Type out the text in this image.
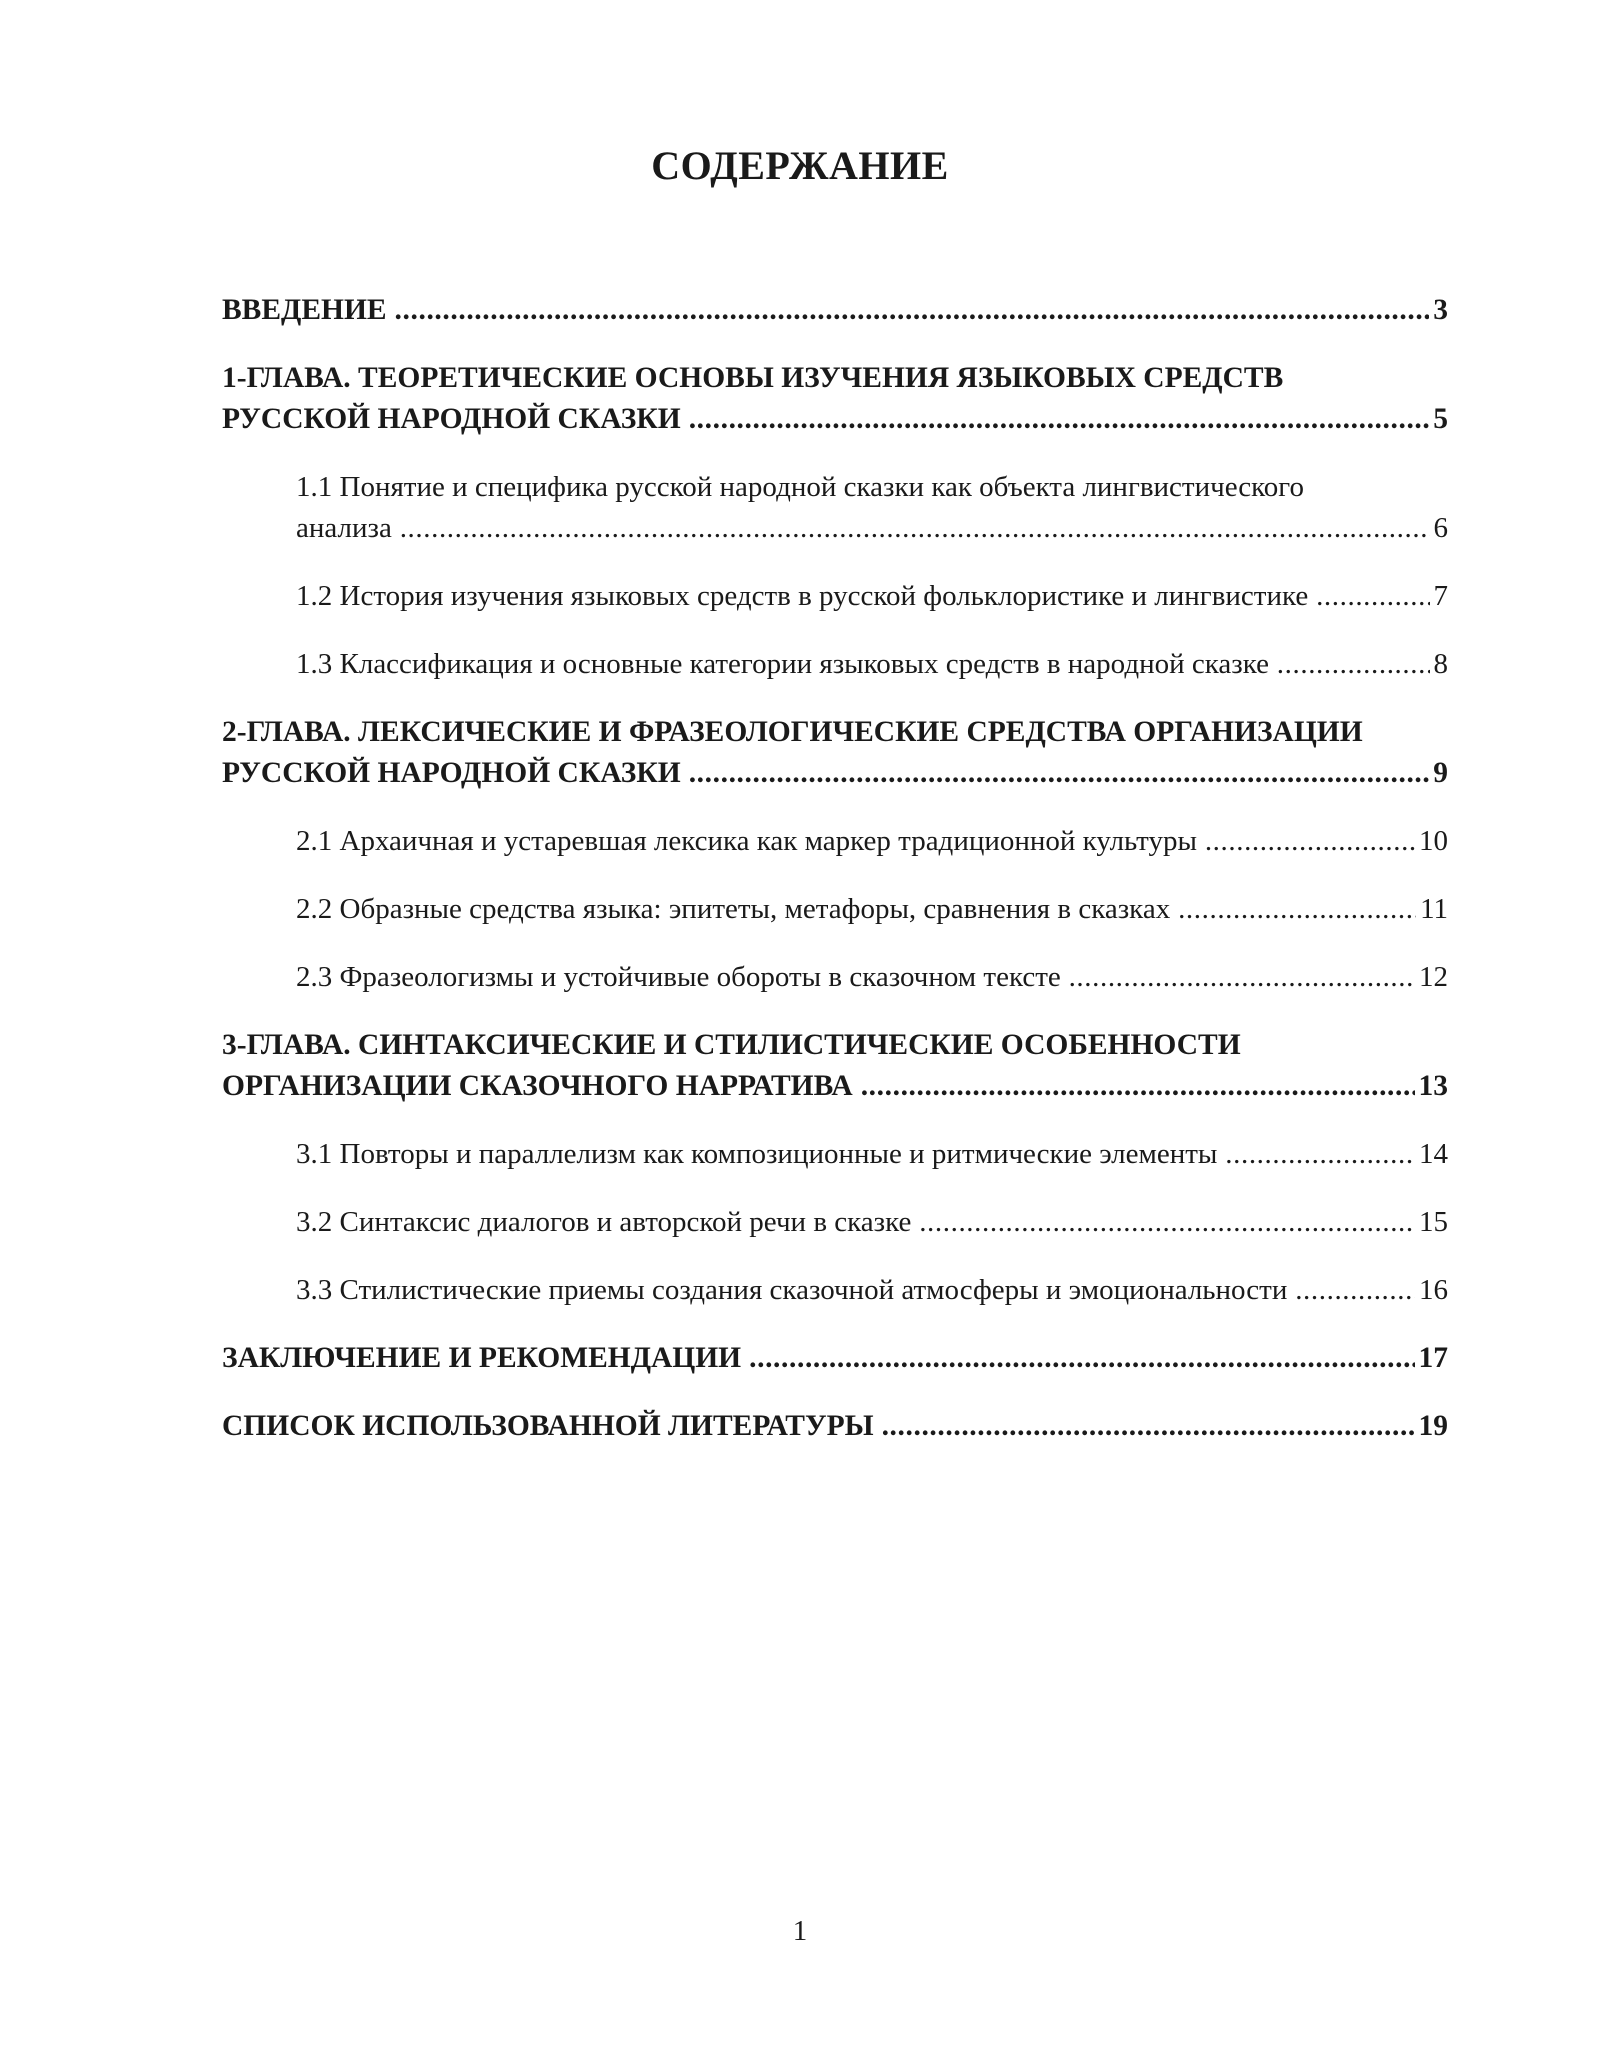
СОДЕРЖАНИЕ
ВВЕДЕНИЕ .....	3
1-ГЛАВА. ТЕОРЕТИЧЕСКИЕ ОСНОВЫ ИЗУЧЕНИЯ ЯЗЫКОВЫХ СРЕДСТВ
РУССКОЙ НАРОДНОЙ СКАЗКИ .....	5
1.1 Понятие и специфика русской народной сказки как объекта лингвистического
анализа .....	6
1.2 История изучения языковых средств в русской фольклористике и лингвистике .....	7
1.3 Классификация и основные категории языковых средств в народной сказке .....	8
2-ГЛАВА. ЛЕКСИЧЕСКИЕ И ФРАЗЕОЛОГИЧЕСКИЕ СРЕДСТВА ОРГАНИЗАЦИИ
РУССКОЙ НАРОДНОЙ СКАЗКИ .....	9
2.1 Архаичная и устаревшая лексика как маркер традиционной культуры .....	10
2.2 Образные средства языка: эпитеты, метафоры, сравнения в сказках .....	11
2.3 Фразеологизмы и устойчивые обороты в сказочном тексте .....	12
3-ГЛАВА. СИНТАКСИЧЕСКИЕ И СТИЛИСТИЧЕСКИЕ ОСОБЕННОСТИ
ОРГАНИЗАЦИИ СКАЗОЧНОГО НАРРАТИВА .....	13
3.1 Повторы и параллелизм как композиционные и ритмические элементы .....	14
3.2 Синтаксис диалогов и авторской речи в сказке .....	15
3.3 Стилистические приемы создания сказочной атмосферы и эмоциональности .....	16
ЗАКЛЮЧЕНИЕ И РЕКОМЕНДАЦИИ .....	17
СПИСОК ИСПОЛЬЗОВАННОЙ ЛИТЕРАТУРЫ .....	19
1
